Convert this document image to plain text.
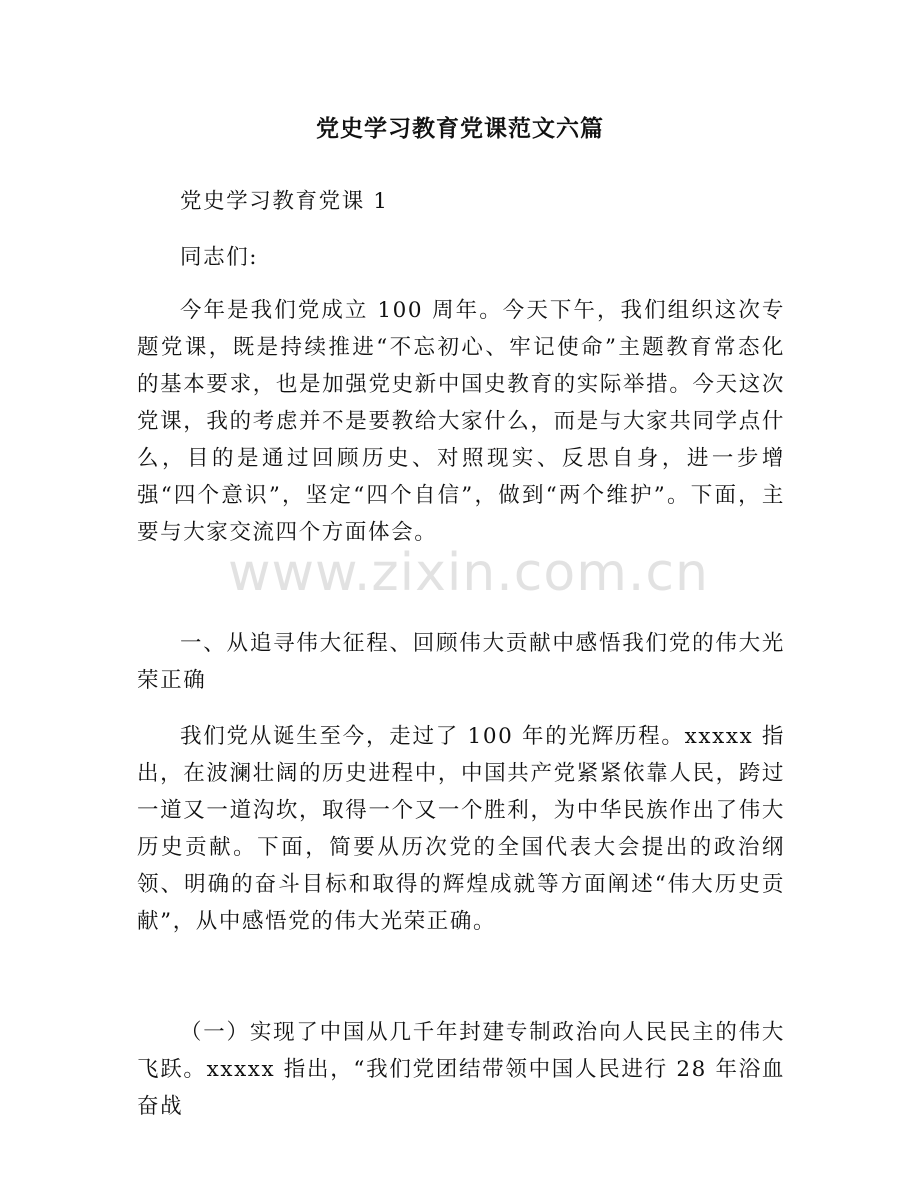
党史学习教育党课范文六篇
党史学习教育党课 1
同志们:
今年是我们党成立 100 周年。今天下午，我们组织这次专题党课，既是持续推进“不忘初心、牢记使命”主题教育常态化的基本要求，也是加强党史新中国史教育的实际举措。今天这次党课，我的考虑并不是要教给大家什么，而是与大家共同学点什么，目的是通过回顾历史、对照现实、反思自身，进一步增强“四个意识”，坚定“四个自信”，做到“两个维护”。下面，主要与大家交流四个方面体会。
一、从追寻伟大征程、回顾伟大贡献中感悟我们党的伟大光荣正确
我们党从诞生至今，走过了 100 年的光辉历程。xxxxx 指出，在波澜壮阔的历史进程中，中国共产党紧紧依靠人民，跨过一道又一道沟坎，取得一个又一个胜利，为中华民族作出了伟大历史贡献。下面，简要从历次党的全国代表大会提出的政治纲领、明确的奋斗目标和取得的辉煌成就等方面阐述“伟大历史贡献”，从中感悟党的伟大光荣正确。
（一）实现了中国从几千年封建专制政治向人民民主的伟大飞跃。xxxxx 指出，“我们党团结带领中国人民进行 28 年浴血奋战
www.zixin.com.cn
